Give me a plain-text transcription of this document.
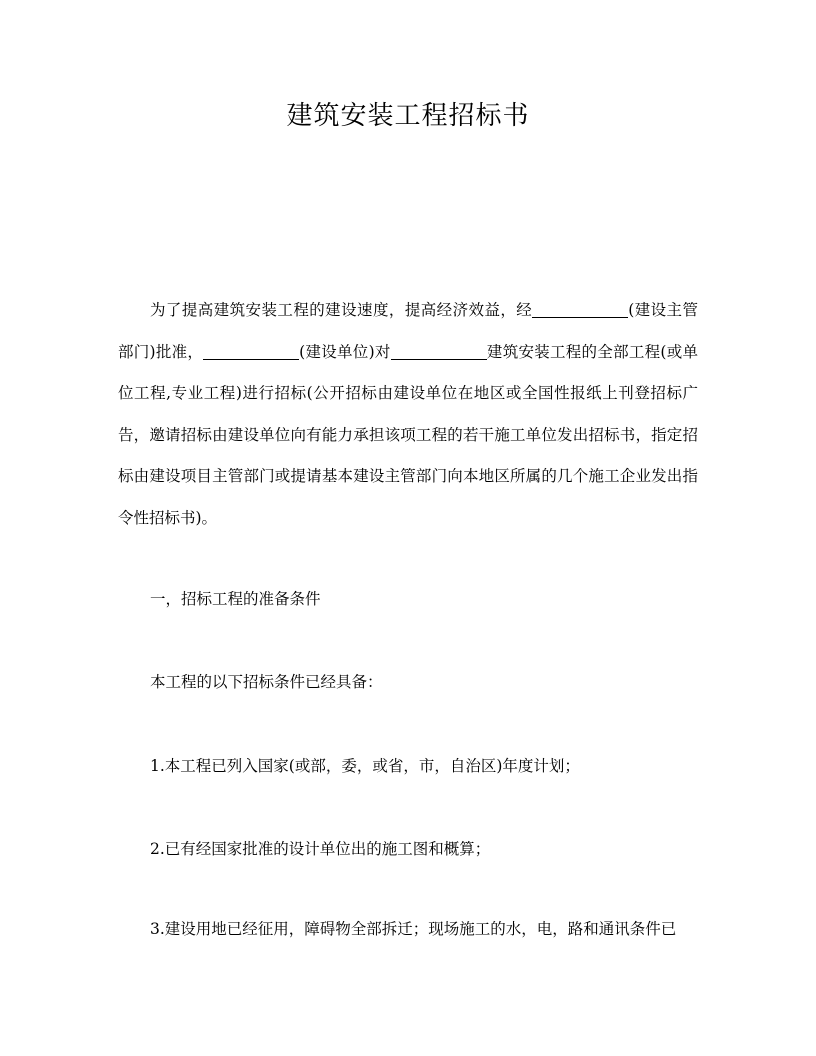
建筑安装工程招标书

为了提高建筑安装工程的建设速度，提高经济效益，经	(建设主管部门)批准，	(建设单位)对	建筑安装工程的全部工程(或单位工程,专业工程)进行招标(公开招标由建设单位在地区或全国性报纸上刊登招标广告，邀请招标由建设单位向有能力承担该项工程的若干施工单位发出招标书，指定招标由建设项目主管部门或提请基本建设主管部门向本地区所属的几个施工企业发出指令性招标书)。

一，招标工程的准备条件

本工程的以下招标条件已经具备：

1.本工程已列入国家(或部，委，或省，市，自治区)年度计划；

2.已有经国家批准的设计单位出的施工图和概算；

3.建设用地已经征用，障碍物全部拆迁；现场施工的水，电，路和通讯条件已
